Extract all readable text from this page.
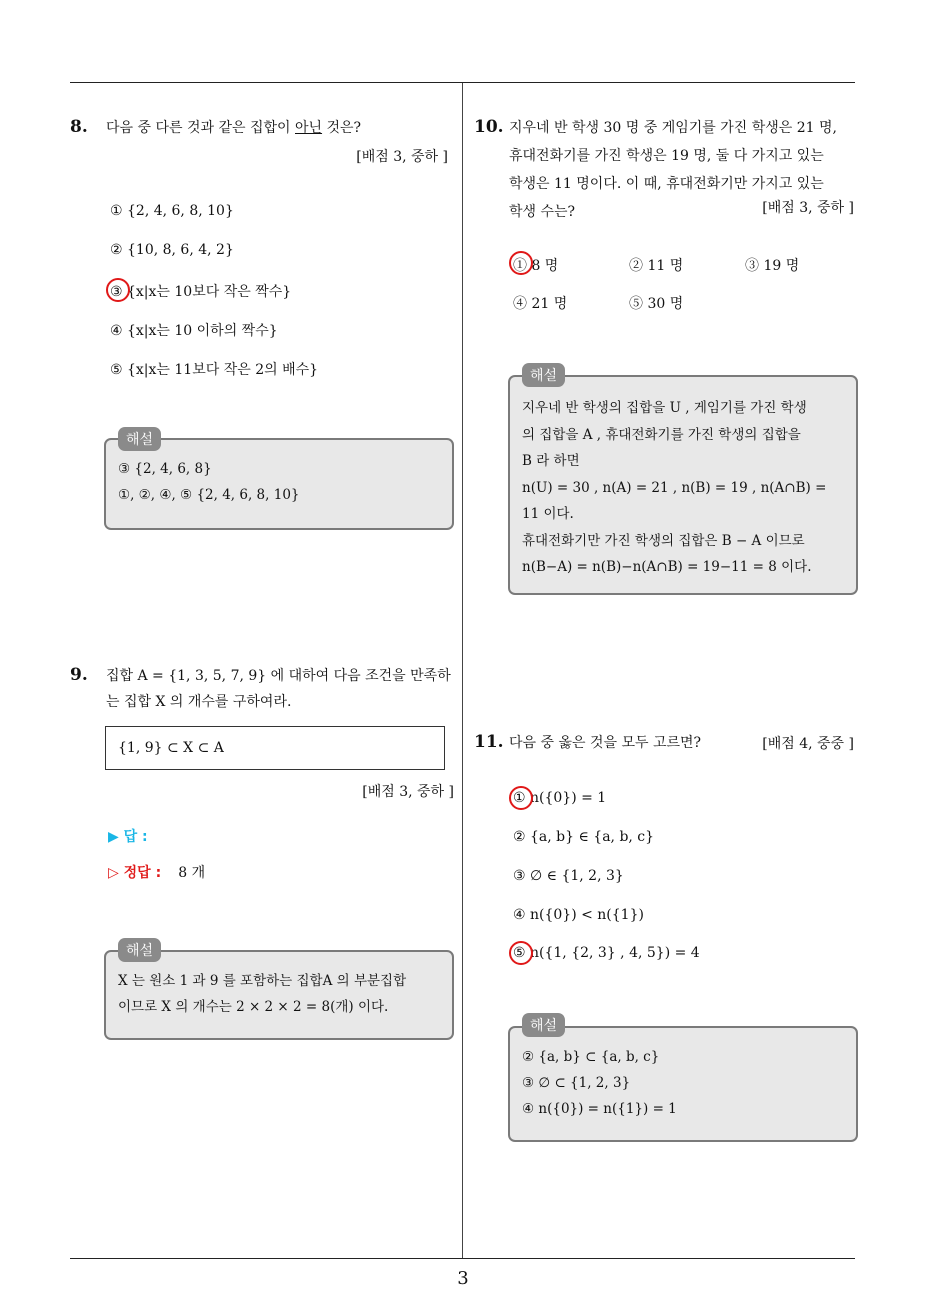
8. 다음 중 다른 것과 같은 집합이 아닌 것은?
[배점 3, 중하 ]
① {2, 4, 6, 8, 10}
② {10, 8, 6, 4, 2}
③ {x|x는 10보다 작은 짝수}
④ {x|x는 10 이하의 짝수}
⑤ {x|x는 11보다 작은 2의 배수}
③ {2, 4, 6, 8}
①, ②, ④, ⑤ {2, 4, 6, 8, 10}
해설
9. 집합 A = {1, 3, 5, 7, 9} 에 대하여 다음 조건을 만족하
는 집합 X 의 개수를 구하여라.
{1, 9} ⊂ X ⊂ A
[배점 3, 중하 ]
▶ 답 :
▷ 정답 : 8 개
X 는 원소 1 과 9 를 포함하는 집합A 의 부분집합
이므로 X 의 개수는 2 × 2 × 2 = 8(개) 이다.
해설
10. 지우네 반 학생 30 명 중 게임기를 가진 학생은 21 명,
휴대전화기를 가진 학생은 19 명, 둘 다 가지고 있는
학생은 11 명이다. 이 때, 휴대전화기만 가지고 있는
학생 수는?	[배점 3, 중하 ]
① 8 명	② 11 명	③ 19 명
④ 21 명	⑤ 30 명
지우네 반 학생의 집합을 U , 게임기를 가진 학생
의 집합을 A , 휴대전화기를 가진 학생의 집합을
B 라 하면
n(U) = 30 , n(A) = 21 , n(B) = 19 , n(A∩B) =
11 이다.
휴대전화기만 가진 학생의 집합은 B − A 이므로
n(B−A) = n(B)−n(A∩B) = 19−11 = 8 이다.
해설
11. 다음 중 옳은 것을 모두 고르면?	[배점 4, 중중 ]
① n({0}) = 1
② {a, b} ∈ {a, b, c}
③ ∅ ∈ {1, 2, 3}
④ n({0}) < n({1})
⑤ n({1, {2, 3} , 4, 5}) = 4
② {a, b} ⊂ {a, b, c}
③ ∅ ⊂ {1, 2, 3}
④ n({0}) = n({1}) = 1
해설
3
